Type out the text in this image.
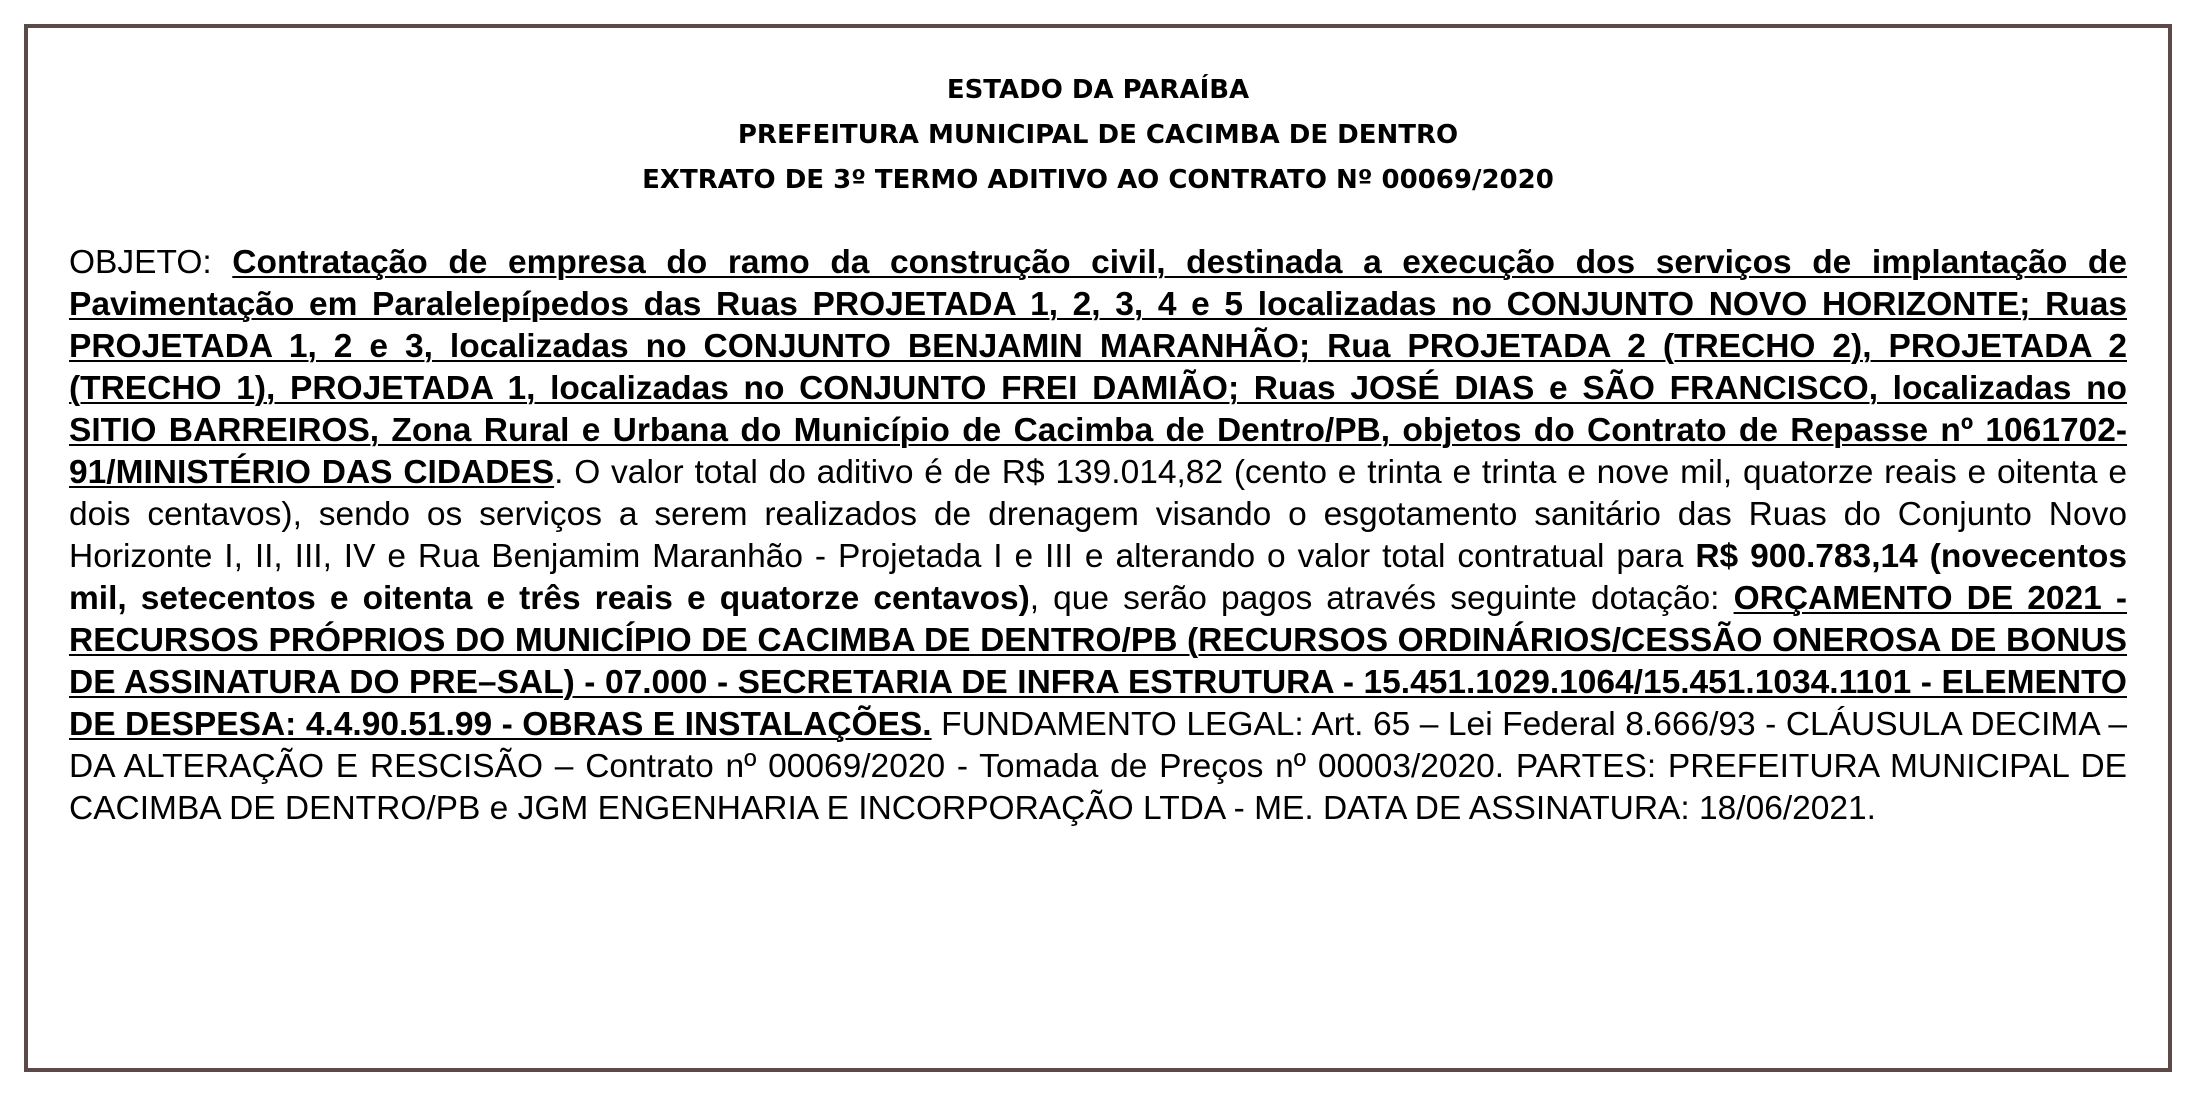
ESTADO DA PARAÍBA
PREFEITURA MUNICIPAL DE CACIMBA DE DENTRO
EXTRATO DE 3º TERMO ADITIVO AO CONTRATO Nº 00069/2020
OBJETO: Contratação de empresa do ramo da construção civil, destinada a execução dos serviços de implantação de Pavimentação em Paralelepípedos das Ruas PROJETADA 1, 2, 3, 4 e 5 localizadas no CONJUNTO NOVO HORIZONTE; Ruas PROJETADA 1, 2 e 3, localizadas no CONJUNTO BENJAMIN MARANHÃO; Rua PROJETADA 2 (TRECHO 2), PROJETADA 2 (TRECHO 1), PROJETADA 1, localizadas no CONJUNTO FREI DAMIÃO; Ruas JOSÉ DIAS e SÃO FRANCISCO, localizadas no SITIO BARREIROS, Zona Rural e Urbana do Município de Cacimba de Dentro/PB, objetos do Contrato de Repasse nº 1061702-91/MINISTÉRIO DAS CIDADES. O valor total do aditivo é de R$ 139.014,82 (cento e trinta e trinta e nove mil, quatorze reais e oitenta e dois centavos), sendo os serviços a serem realizados de drenagem visando o esgotamento sanitário das Ruas do Conjunto Novo Horizonte I, II, III, IV e Rua Benjamim Maranhão - Projetada I e III e alterando o valor total contratual para R$ 900.783,14 (novecentos mil, setecentos e oitenta e três reais e quatorze centavos), que serão pagos através seguinte dotação: ORÇAMENTO DE 2021 - RECURSOS PRÓPRIOS DO MUNICÍPIO DE CACIMBA DE DENTRO/PB (RECURSOS ORDINÁRIOS/CESSÃO ONEROSA DE BONUS DE ASSINATURA DO PRE–SAL) - 07.000 - SECRETARIA DE INFRA ESTRUTURA - 15.451.1029.1064/15.451.1034.1101 - ELEMENTO DE DESPESA: 4.4.90.51.99 - OBRAS E INSTALAÇÕES. FUNDAMENTO LEGAL: Art. 65 – Lei Federal 8.666/93 - CLÁUSULA DECIMA – DA ALTERAÇÃO E RESCISÃO – Contrato nº 00069/2020 - Tomada de Preços nº 00003/2020. PARTES: PREFEITURA MUNICIPAL DE CACIMBA DE DENTRO/PB e JGM ENGENHARIA E INCORPORAÇÃO LTDA - ME. DATA DE ASSINATURA: 18/06/2021.
